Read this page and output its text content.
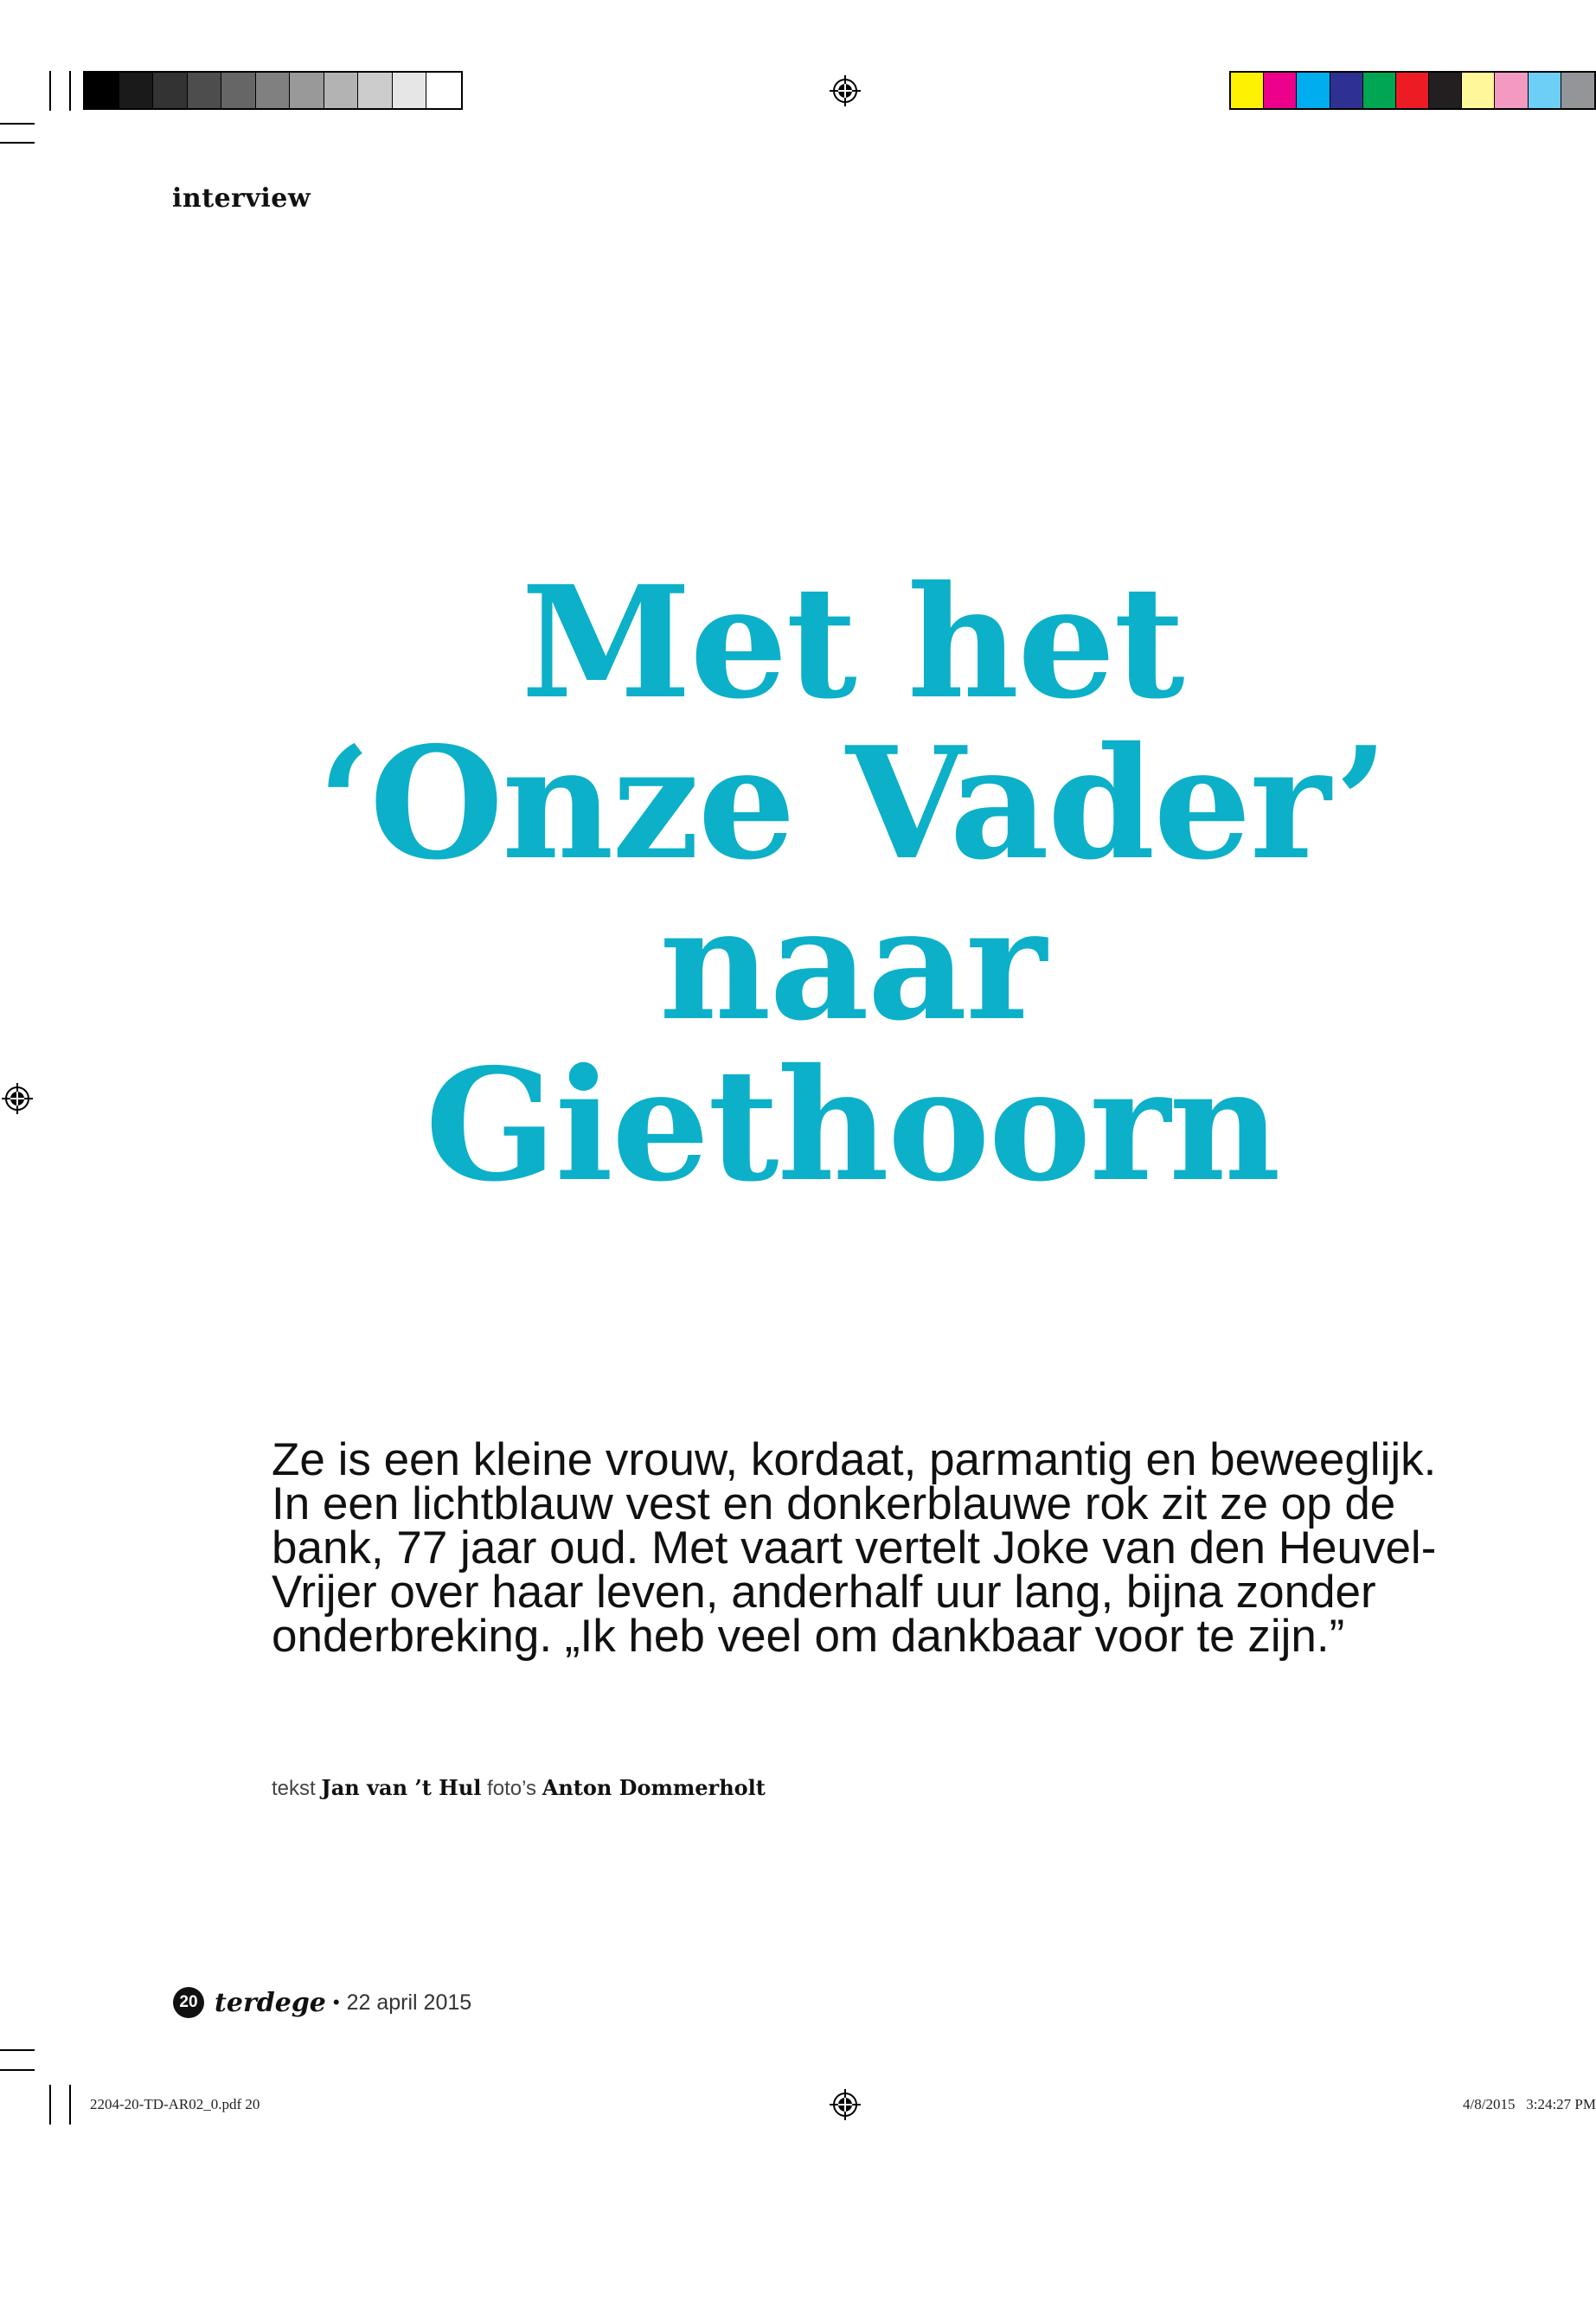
interview
Met het
‘Onze Vader’
naar
Giethoorn

Ze is een kleine vrouw, kordaat, parmantig en beweeglijk. In een lichtblauw vest en donkerblauwe rok zit ze op de bank, 77 jaar oud. Met vaart vertelt Joke van den Heuvel-Vrijer over haar leven, anderhalf uur lang, bijna zonder onderbreking. „Ik heb veel om dankbaar voor te zijn.”

tekst Jan van ’t Hul foto’s Anton Dommerholt
20 terdege • 22 april 2015
2204-20-TD-AR02_0.pdf 20	4/8/2015   3:24:27 PM
